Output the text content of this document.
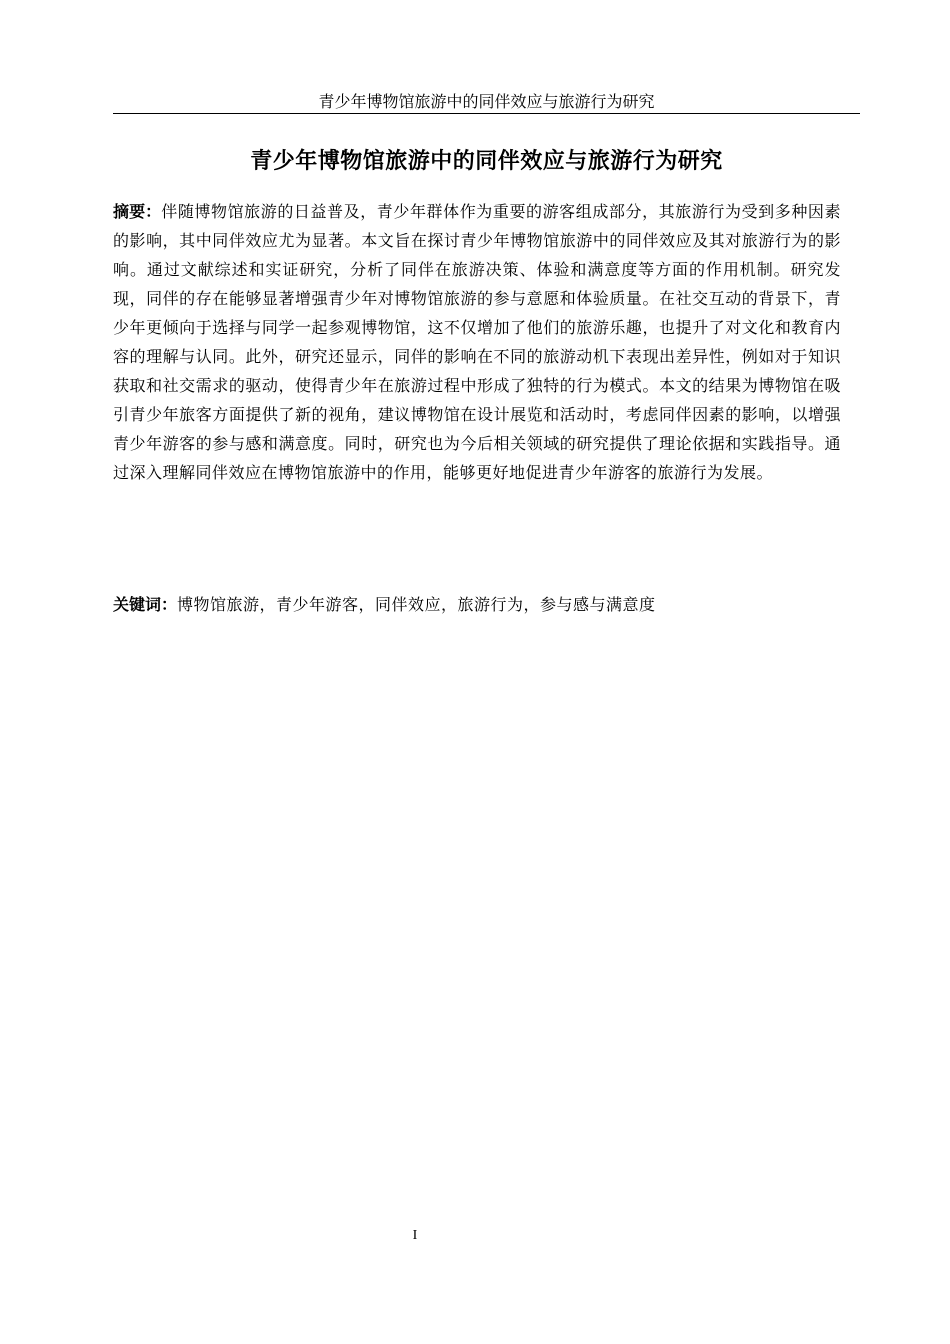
青少年博物馆旅游中的同伴效应与旅游行为研究
青少年博物馆旅游中的同伴效应与旅游行为研究

摘要：伴随博物馆旅游的日益普及，青少年群体作为重要的游客组成部分，其旅游行为受到多种因素的影响，其中同伴效应尤为显著。本文旨在探讨青少年博物馆旅游中的同伴效应及其对旅游行为的影响。通过文献综述和实证研究，分析了同伴在旅游决策、体验和满意度等方面的作用机制。研究发现，同伴的存在能够显著增强青少年对博物馆旅游的参与意愿和体验质量。在社交互动的背景下，青少年更倾向于选择与同学一起参观博物馆，这不仅增加了他们的旅游乐趣，也提升了对文化和教育内容的理解与认同。此外，研究还显示，同伴的影响在不同的旅游动机下表现出差异性，例如对于知识获取和社交需求的驱动，使得青少年在旅游过程中形成了独特的行为模式。本文的结果为博物馆在吸引青少年旅客方面提供了新的视角，建议博物馆在设计展览和活动时，考虑同伴因素的影响，以增强青少年游客的参与感和满意度。同时，研究也为今后相关领域的研究提供了理论依据和实践指导。通过深入理解同伴效应在博物馆旅游中的作用，能够更好地促进青少年游客的旅游行为发展。

关键词：博物馆旅游，青少年游客，同伴效应，旅游行为，参与感与满意度

I
